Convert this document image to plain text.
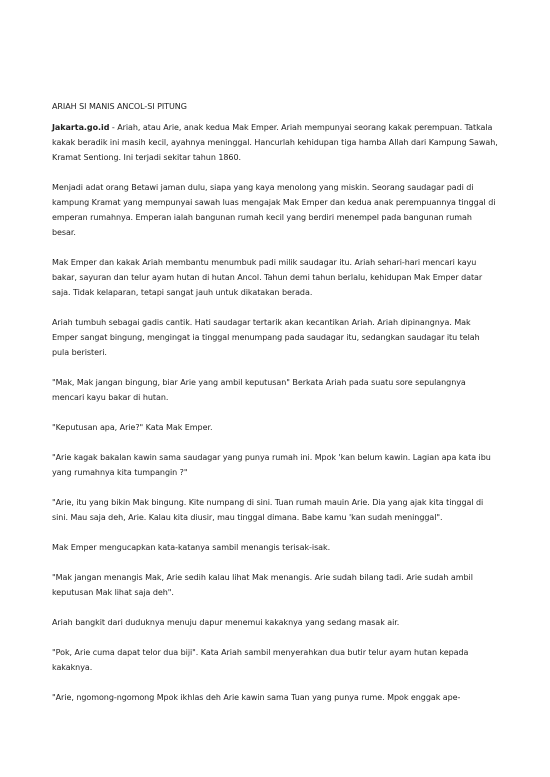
ARIAH SI MANIS ANCOL-SI PITUNG

Jakarta.go.id - Ariah, atau Arie, anak kedua Mak Emper. Ariah mempunyai seorang kakak perempuan. Tatkala kakak beradik ini masih kecil, ayahnya meninggal. Hancurlah kehidupan tiga hamba Allah dari Kampung Sawah, Kramat Sentiong. Ini terjadi sekitar tahun 1860.

Menjadi adat orang Betawi jaman dulu, siapa yang kaya menolong yang miskin. Seorang saudagar padi di kampung Kramat yang mempunyai sawah luas mengajak Mak Emper dan kedua anak perempuannya tinggal di emperan rumahnya. Emperan ialah bangunan rumah kecil yang berdiri menempel pada bangunan rumah besar.

Mak Emper dan kakak Ariah membantu menumbuk padi milik saudagar itu. Ariah sehari-hari mencari kayu bakar, sayuran dan telur ayam hutan di hutan Ancol. Tahun demi tahun berlalu, kehidupan Mak Emper datar saja. Tidak kelaparan, tetapi sangat jauh untuk dikatakan berada.

Ariah tumbuh sebagai gadis cantik. Hati saudagar tertarik akan kecantikan Ariah. Ariah dipinangnya. Mak Emper sangat bingung, mengingat ia tinggal menumpang pada saudagar itu, sedangkan saudagar itu telah pula beristeri.

"Mak, Mak jangan bingung, biar Arie yang ambil keputusan" Berkata Ariah pada suatu sore sepulangnya mencari kayu bakar di hutan.

"Keputusan apa, Arie?" Kata Mak Emper.

"Arie kagak bakalan kawin sama saudagar yang punya rumah ini. Mpok 'kan belum kawin. Lagian apa kata ibu yang rumahnya kita tumpangin ?"

"Arie, itu yang bikin Mak bingung. Kite numpang di sini. Tuan rumah mauin Arie. Dia yang ajak kita tinggal di sini. Mau saja deh, Arie. Kalau kita diusir, mau tinggal dimana. Babe kamu 'kan sudah meninggal".

Mak Emper mengucapkan kata-katanya sambil menangis terisak-isak.

"Mak jangan menangis Mak, Arie sedih kalau lihat Mak menangis. Arie sudah bilang tadi. Arie sudah ambil keputusan Mak lihat saja deh".

Ariah bangkit dari duduknya menuju dapur menemui kakaknya yang sedang masak air.

"Pok, Arie cuma dapat telor dua biji". Kata Ariah sambil menyerahkan dua butir telur ayam hutan kepada kakaknya.

"Arie, ngomong-ngomong Mpok ikhlas deh Arie kawin sama Tuan yang punya rume. Mpok enggak ape-
